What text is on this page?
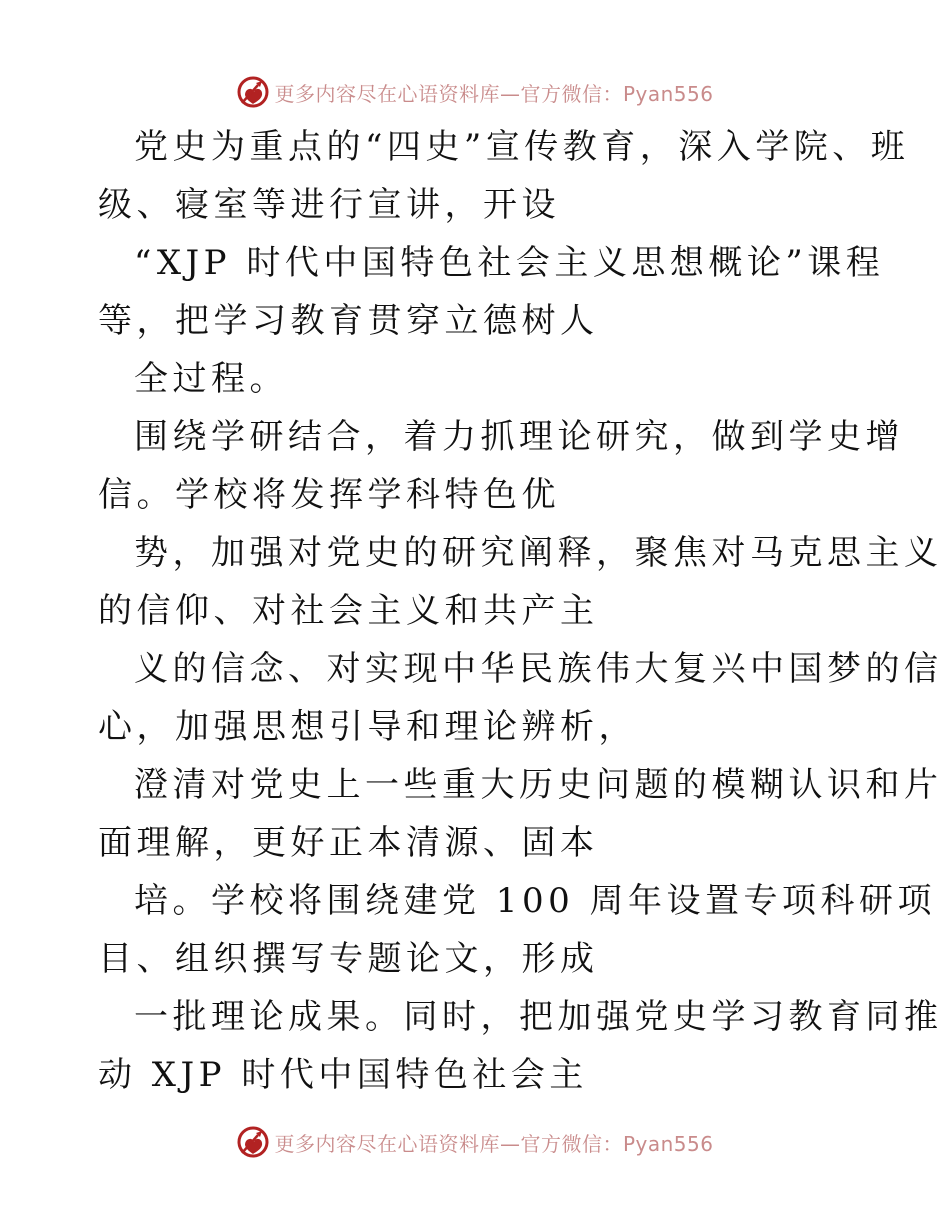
更多内容尽在心语资料库—官方微信：Pyan556
党史为重点的“四史”宣传教育，深入学院、班
级、寝室等进行宣讲，开设
“XJP 时代中国特色社会主义思想概论”课程
等，把学习教育贯穿立德树人
全过程。
围绕学研结合，着力抓理论研究，做到学史增
信。学校将发挥学科特色优
势，加强对党史的研究阐释，聚焦对马克思主义
的信仰、对社会主义和共产主
义的信念、对实现中华民族伟大复兴中国梦的信
心，加强思想引导和理论辨析，
澄清对党史上一些重大历史问题的模糊认识和片
面理解，更好正本清源、固本
培。学校将围绕建党 100 周年设置专项科研项
目、组织撰写专题论文，形成
一批理论成果。同时，把加强党史学习教育同推
动 XJP 时代中国特色社会主
更多内容尽在心语资料库—官方微信：Pyan556
